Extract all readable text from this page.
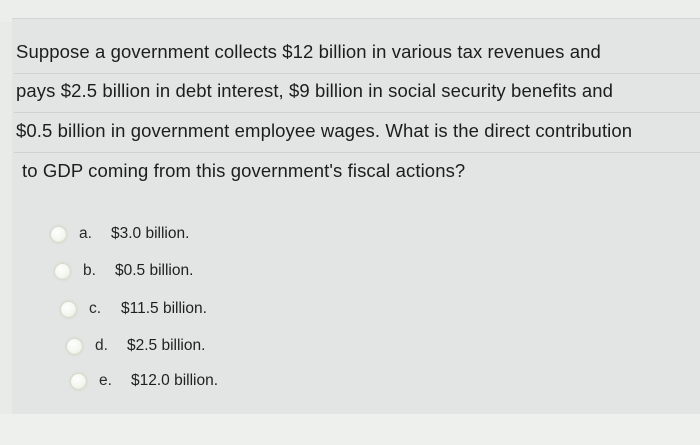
Suppose a government collects $12 billion in various tax revenues and
pays $2.5 billion in debt interest, $9 billion in social security benefits and
$0.5 billion in government employee wages. What is the direct contribution
to GDP coming from this government's fiscal actions?
a.	$3.0 billion.
b.	$0.5 billion.
c.	$11.5 billion.
d.	$2.5 billion.
e.	$12.0 billion.
